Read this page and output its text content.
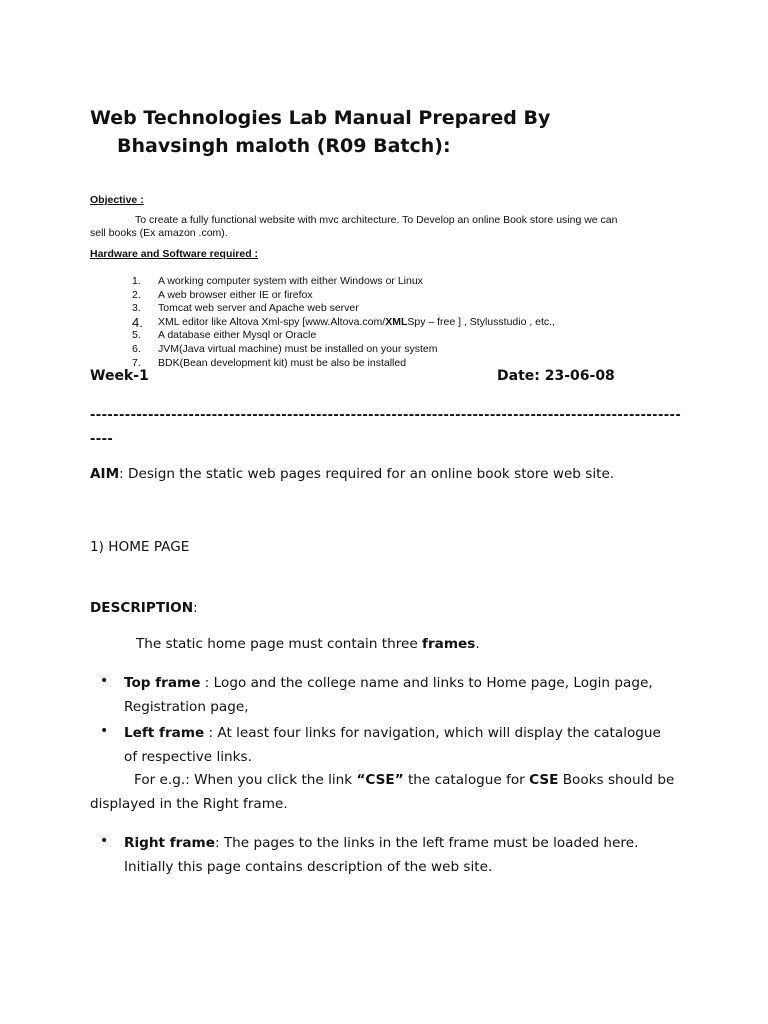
Web Technologies Lab Manual Prepared By
Bhavsingh maloth (R09 Batch):
Objective :
To create a fully functional website with mvc architecture. To Develop an online Book store using we can
sell books (Ex amazon .com).
Hardware and Software required :
1.	A working computer system with either Windows or Linux
2.	A web browser either IE or firefox
3.	Tomcat web server and Apache web server
4.	XML editor like Altova Xml-spy [www.Altova.com/XMLSpy – free ] , Stylusstudio , etc.,
5.	A database either Mysql or Oracle
6.	JVM(Java virtual machine) must be installed on your system
7.	BDK(Bean development kit) must be also be installed
Week-1	Date: 23-06-08
----------------------------------------------------------------------------------------------------------
AIM: Design the static web pages required for an online book store web site.
1) HOME PAGE
DESCRIPTION:
The static home page must contain three frames.
• Top frame : Logo and the college name and links to Home page, Login page,
Registration page,
• Left frame : At least four links for navigation, which will display the catalogue
of respective links.
For e.g.: When you click the link “CSE” the catalogue for CSE Books should be
displayed in the Right frame.
• Right frame: The pages to the links in the left frame must be loaded here.
Initially this page contains description of the web site.
